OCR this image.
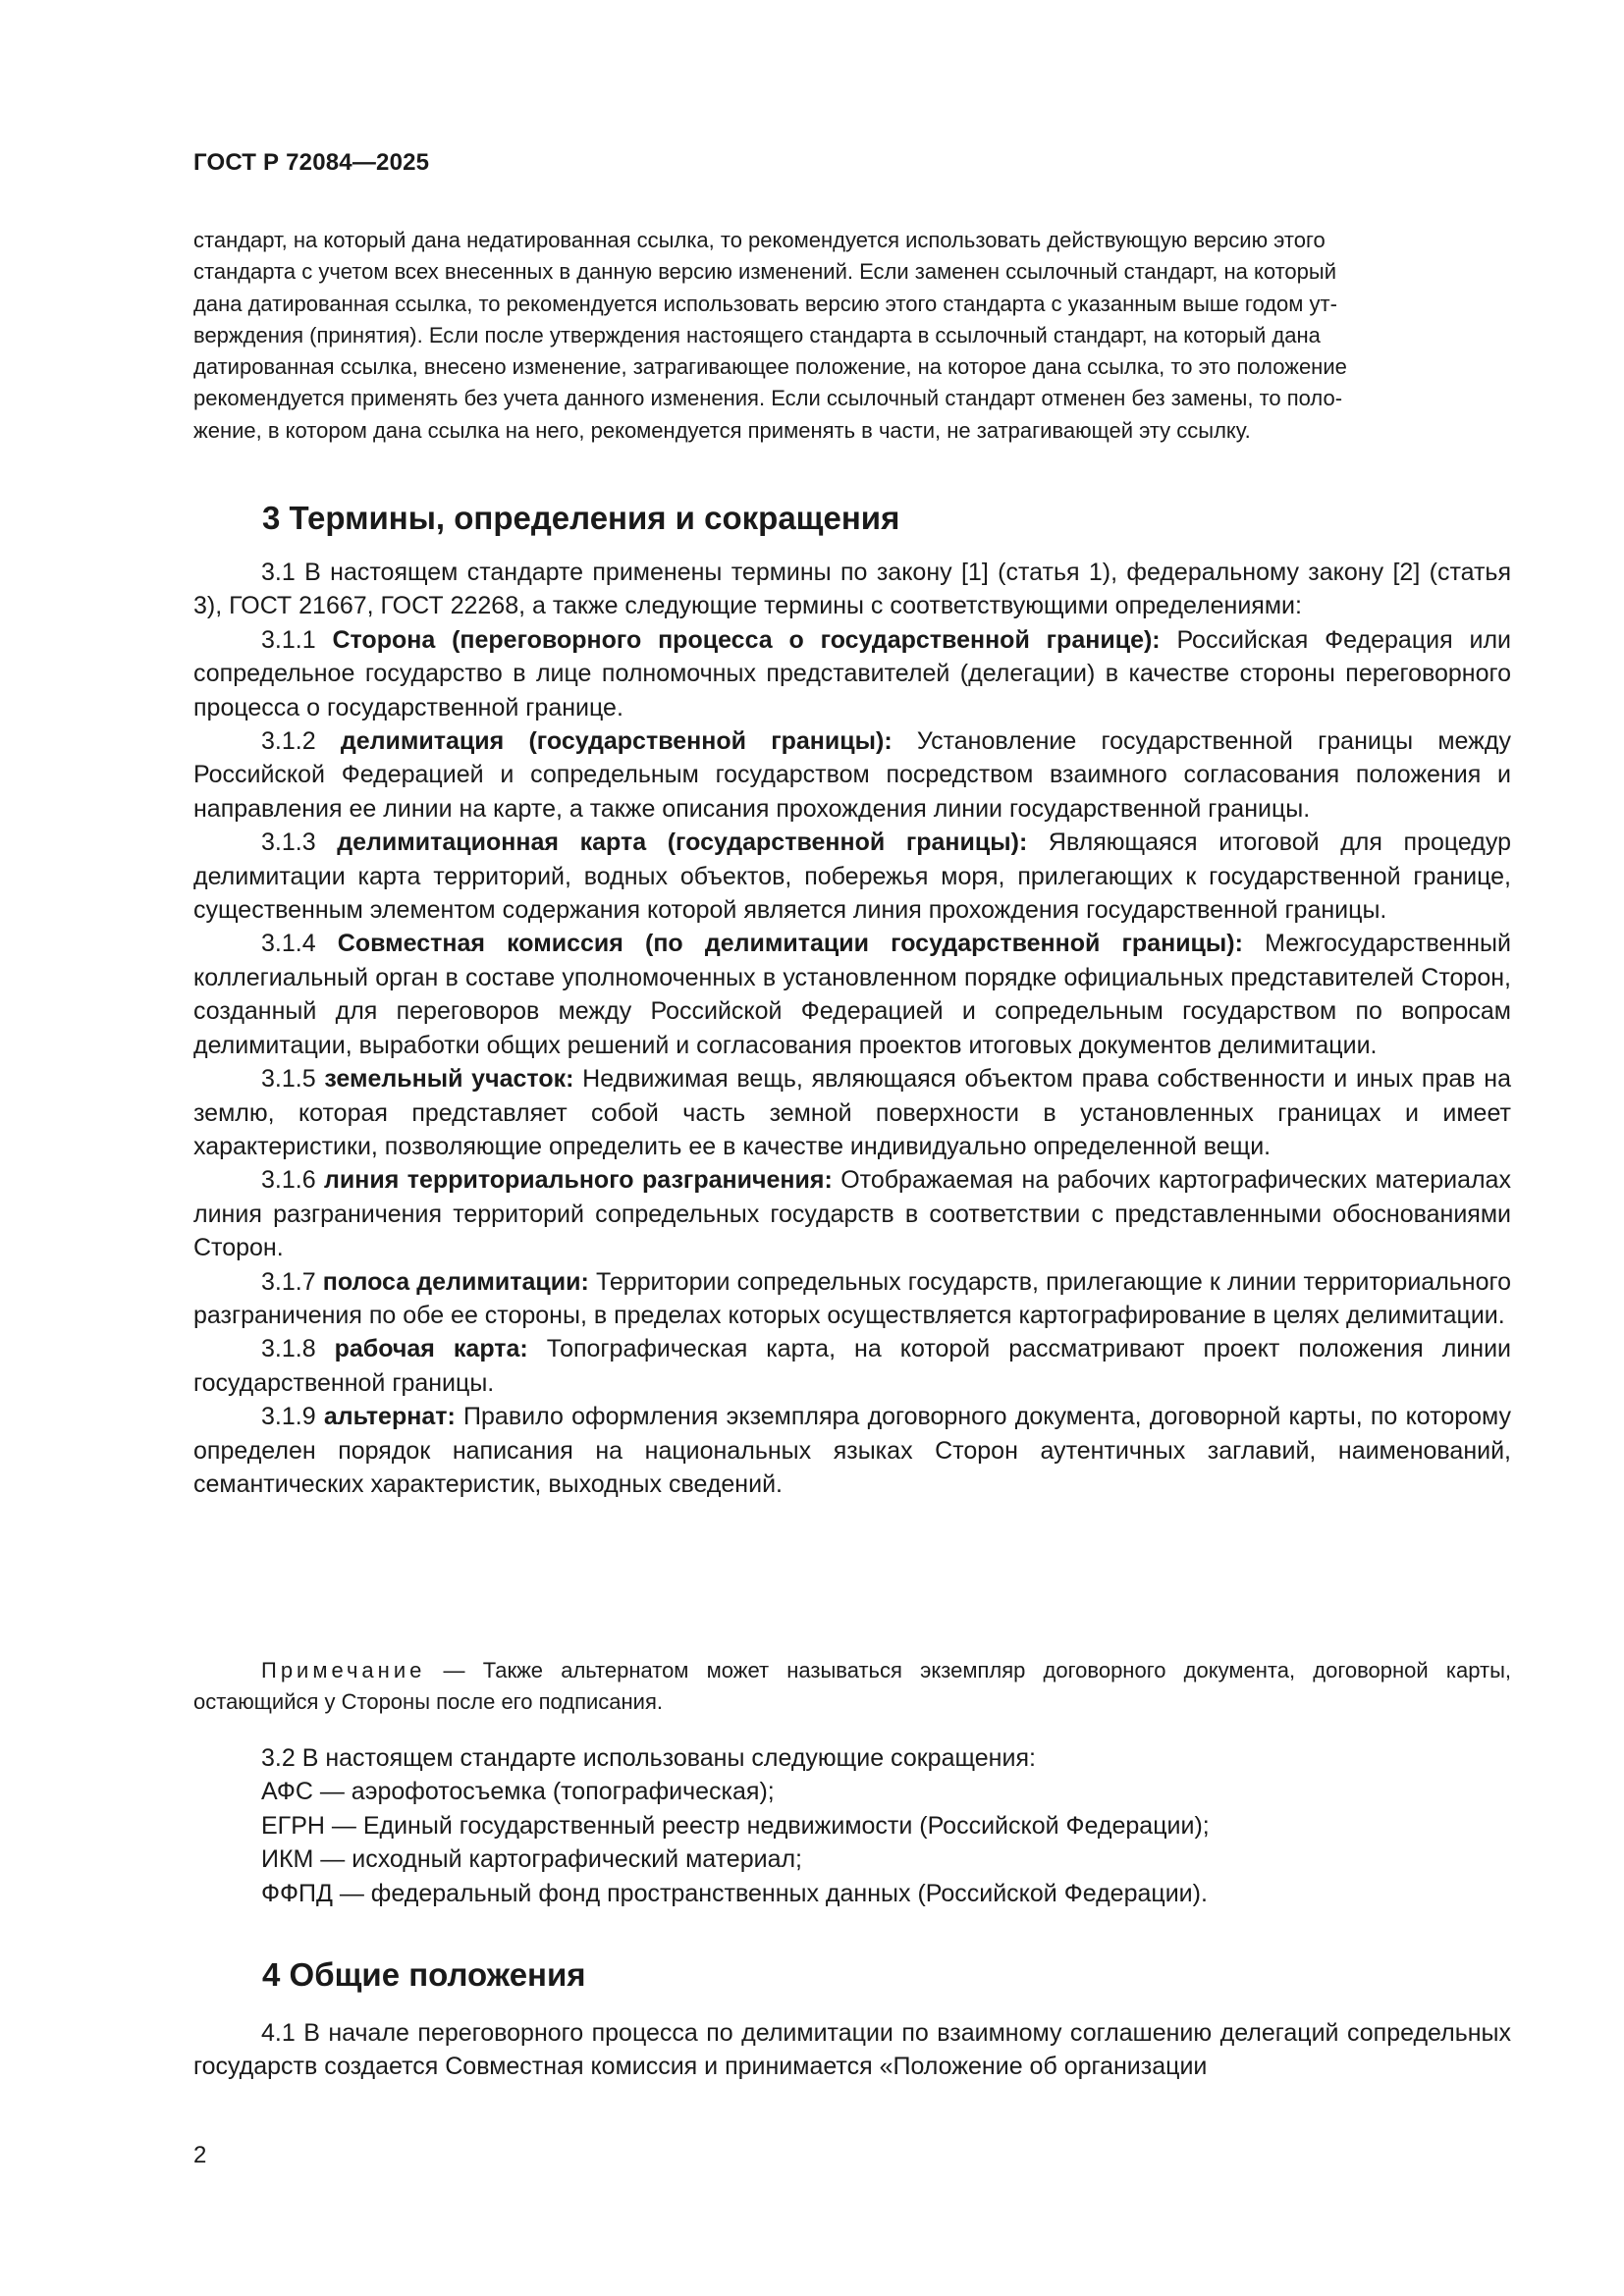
ГОСТ Р 72084—2025
стандарт, на который дана недатированная ссылка, то рекомендуется использовать действующую версию этого
стандарта с учетом всех внесенных в данную версию изменений. Если заменен ссылочный стандарт, на который
дана датированная ссылка, то рекомендуется использовать версию этого стандарта с указанным выше годом ут-
верждения (принятия). Если после утверждения настоящего стандарта в ссылочный стандарт, на который дана
датированная ссылка, внесено изменение, затрагивающее положение, на которое дана ссылка, то это положение
рекомендуется применять без учета данного изменения. Если ссылочный стандарт отменен без замены, то поло-
жение, в котором дана ссылка на него, рекомендуется применять в части, не затрагивающей эту ссылку.
3 Термины, определения и сокращения

3.1 В настоящем стандарте применены термины по закону [1] (статья 1), федеральному закону [2] (статья 3), ГОСТ 21667, ГОСТ 22268, а также следующие термины с соответствующими определениями:

3.1.1 Сторона (переговорного процесса о государственной границе): Российская Федерация или сопредельное государство в лице полномочных представителей (делегации) в качестве стороны переговорного процесса о государственной границе.

3.1.2 делимитация (государственной границы): Установление государственной границы между Российской Федерацией и сопредельным государством посредством взаимного согласования положения и направления ее линии на карте, а также описания прохождения линии государственной границы.

3.1.3 делимитационная карта (государственной границы): Являющаяся итоговой для процедур делимитации карта территорий, водных объектов, побережья моря, прилегающих к государственной границе, существенным элементом содержания которой является линия прохождения государственной границы.

3.1.4 Совместная комиссия (по делимитации государственной границы): Межгосударственный коллегиальный орган в составе уполномоченных в установленном порядке официальных представителей Сторон, созданный для переговоров между Российской Федерацией и сопредельным государством по вопросам делимитации, выработки общих решений и согласования проектов итоговых документов делимитации.

3.1.5 земельный участок: Недвижимая вещь, являющаяся объектом права собственности и иных прав на землю, которая представляет собой часть земной поверхности в установленных границах и имеет характеристики, позволяющие определить ее в качестве индивидуально определенной вещи.

3.1.6 линия территориального разграничения: Отображаемая на рабочих картографических материалах линия разграничения территорий сопредельных государств в соответствии с представленными обоснованиями Сторон.

3.1.7 полоса делимитации: Территории сопредельных государств, прилегающие к линии территориального разграничения по обе ее стороны, в пределах которых осуществляется картографирование в целях делимитации.

3.1.8 рабочая карта: Топографическая карта, на которой рассматривают проект положения линии государственной границы.

3.1.9 альтернат: Правило оформления экземпляра договорного документа, договорной карты, по которому определен порядок написания на национальных языках Сторон аутентичных заглавий, наименований, семантических характеристик, выходных сведений.

Примечание — Также альтернатом может называться экземпляр договорного документа, договорной карты, остающийся у Стороны после его подписания.

3.2 В настоящем стандарте использованы следующие сокращения:

АФС — аэрофотосъемка (топографическая);

ЕГРН — Единый государственный реестр недвижимости (Российской Федерации);

ИКМ — исходный картографический материал;

ФФПД — федеральный фонд пространственных данных (Российской Федерации).

4 Общие положения

4.1 В начале переговорного процесса по делимитации по взаимному соглашению делегаций сопредельных государств создается Совместная комиссия и принимается «Положение об организации

2
